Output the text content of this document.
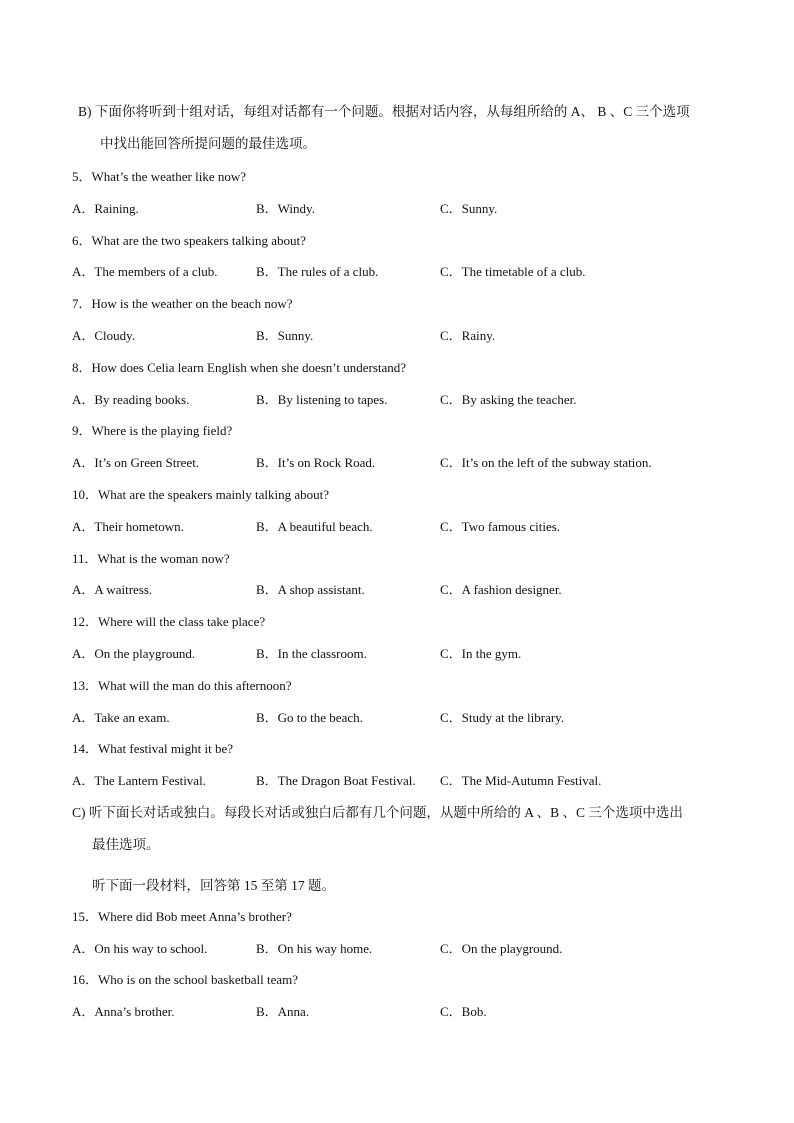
B) 下面你将听到十组对话，每组对话都有一个问题。根据对话内容，从每组所给的 A、 B 、C 三个选项
中找出能回答所提问题的最佳选项。
5．What’s the weather like now?
A．Raining.	B．Windy.	C．Sunny.
6．What are the two speakers talking about?
A．The members of a club.	B．The rules of a club.	C．The timetable of a club.
7．How is the weather on the beach now?
A．Cloudy.	B．Sunny.	C．Rainy.
8．How does Celia learn English when she doesn’t understand?
A．By reading books.	B．By listening to tapes.	C．By asking the teacher.
9．Where is the playing field?
A．It’s on Green Street.	B．It’s on Rock Road.	C．It’s on the left of the subway station.
10．What are the speakers mainly talking about?
A．Their hometown.	B．A beautiful beach.	C．Two famous cities.
11．What is the woman now?
A．A waitress.	B．A shop assistant.	C．A fashion designer.
12．Where will the class take place?
A．On the playground.	B．In the classroom.	C．In the gym.
13．What will the man do this afternoon?
A．Take an exam.	B．Go to the beach.	C．Study at the library.
14．What festival might it be?
A．The Lantern Festival.	B．The Dragon Boat Festival. C．The Mid-Autumn Festival.
C) 听下面长对话或独白。每段长对话或独白后都有几个问题，从题中所给的 A 、B 、C 三个选项中选出
最佳选项。
听下面一段材料，回答第 15 至第 17 题。
15．Where did Bob meet Anna’s brother?
A．On his way to school.	B．On his way home.	C．On the playground.
16．Who is on the school basketball team?
A．Anna’s brother.	B．Anna.	C．Bob.
